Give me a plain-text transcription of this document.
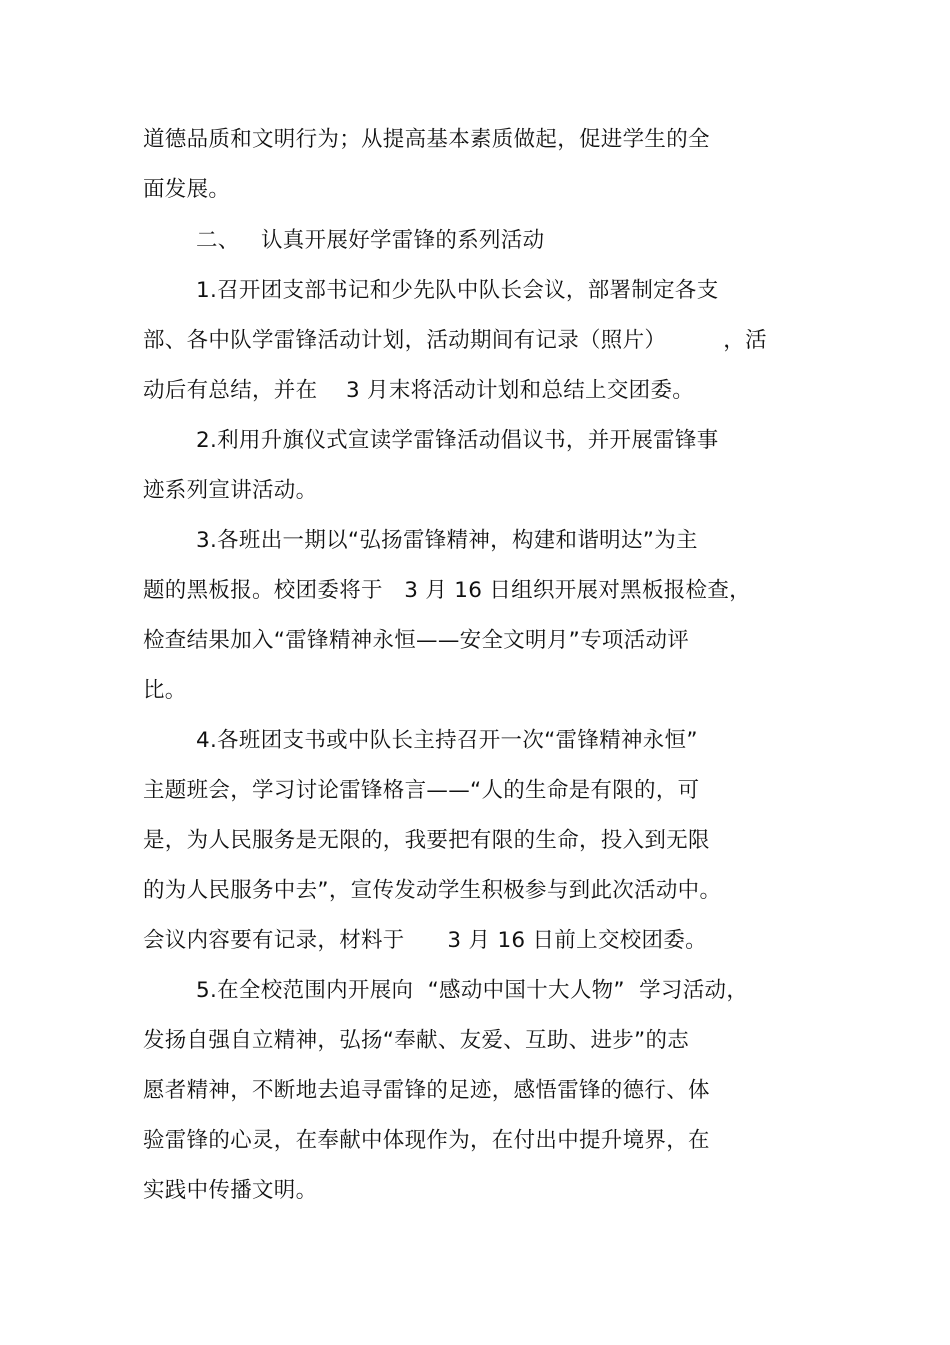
道德品质和文明行为；从提高基本素质做起，促进学生的全
面发展。
二、   认真开展好学雷锋的系列活动
1.召开团支部书记和少先队中队长会议，部署制定各支
部、各中队学雷锋活动计划，活动期间有记录（照片）        ，活
动后有总结，并在    3 月末将活动计划和总结上交团委。
2.利用升旗仪式宣读学雷锋活动倡议书，并开展雷锋事
迹系列宣讲活动。
3.各班出一期以“弘扬雷锋精神，构建和谐明达”为主
题的黑板报。校团委将于   3 月 16 日组织开展对黑板报检查，
检查结果加入“雷锋精神永恒——安全文明月”专项活动评
比。
4.各班团支书或中队长主持召开一次“雷锋精神永恒”
主题班会，学习讨论雷锋格言——“人的生命是有限的，可
是，为人民服务是无限的，我要把有限的生命，投入到无限
的为人民服务中去”，宣传发动学生积极参与到此次活动中。
会议内容要有记录，材料于      3 月 16 日前上交校团委。
5.在全校范围内开展向  “感动中国十大人物”  学习活动，
发扬自强自立精神，弘扬“奉献、友爱、互助、进步”的志
愿者精神，不断地去追寻雷锋的足迹，感悟雷锋的德行、体
验雷锋的心灵，在奉献中体现作为，在付出中提升境界，在
实践中传播文明。
